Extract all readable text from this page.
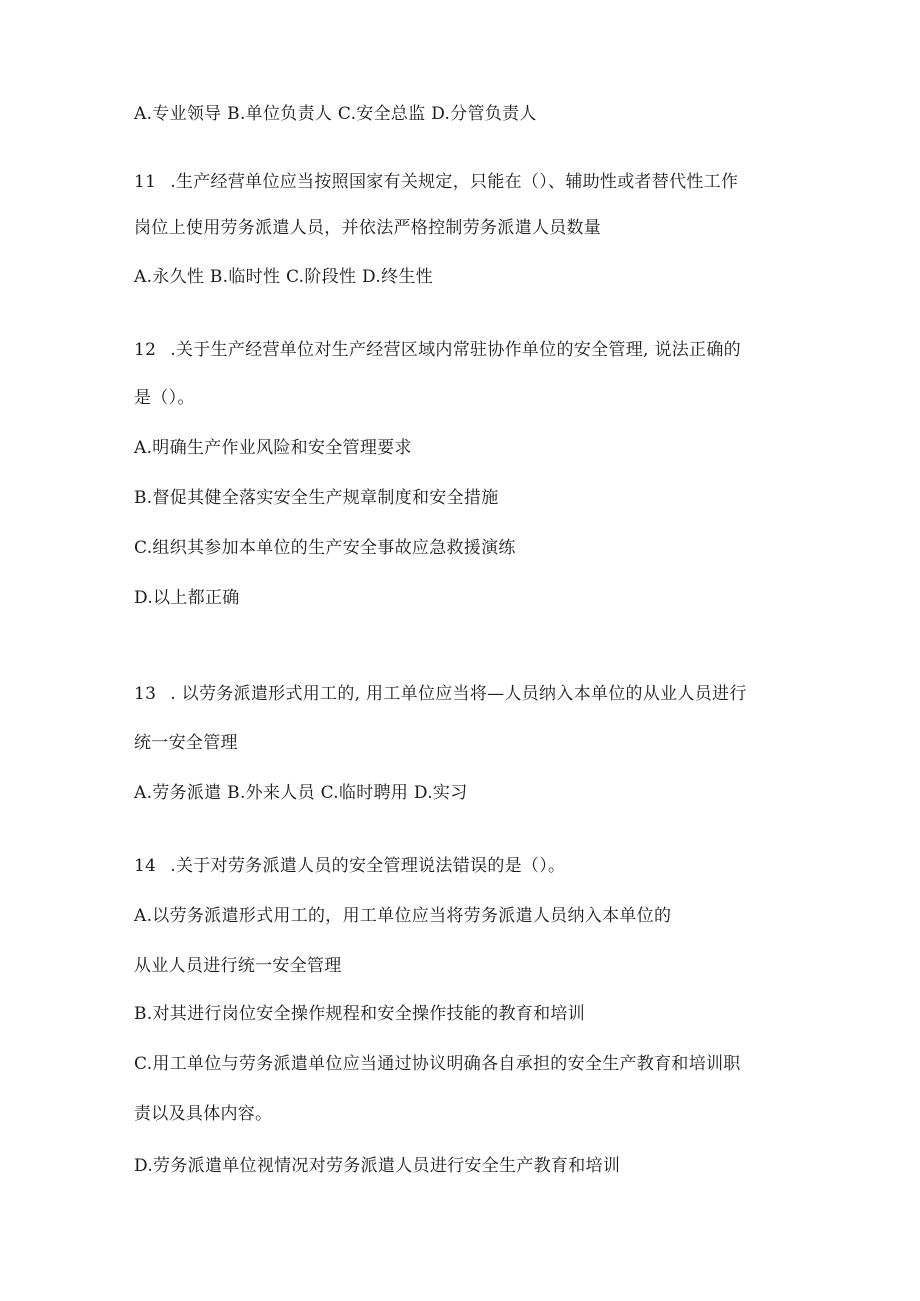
A.专业领导 B.单位负责人 C.安全总监 D.分管负责人
11 .生产经营单位应当按照国家有关规定，只能在（）、辅助性或者替代性工作
岗位上使用劳务派遣人员，并依法严格控制劳务派遣人员数量
A.永久性 B.临时性 C.阶段性 D.终生性
12 .关于生产经营单位对生产经营区域内常驻协作单位的安全管理, 说法正确的
是（）。
A.明确生产作业风险和安全管理要求
B.督促其健全落实安全生产规章制度和安全措施
C.组织其参加本单位的生产安全事故应急救援演练
D.以上都正确
13 . 以劳务派遣形式用工的, 用工单位应当将—人员纳入本单位的从业人员进行
统一安全管理
A.劳务派遣 B.外来人员 C.临时聘用 D.实习
14 .关于对劳务派遣人员的安全管理说法错误的是（）。
A.以劳务派遣形式用工的，用工单位应当将劳务派遣人员纳入本单位的
从业人员进行统一安全管理
B.对其进行岗位安全操作规程和安全操作技能的教育和培训
C.用工单位与劳务派遣单位应当通过协议明确各自承担的安全生产教育和培训职
责以及具体内容。
D.劳务派遣单位视情况对劳务派遣人员进行安全生产教育和培训
